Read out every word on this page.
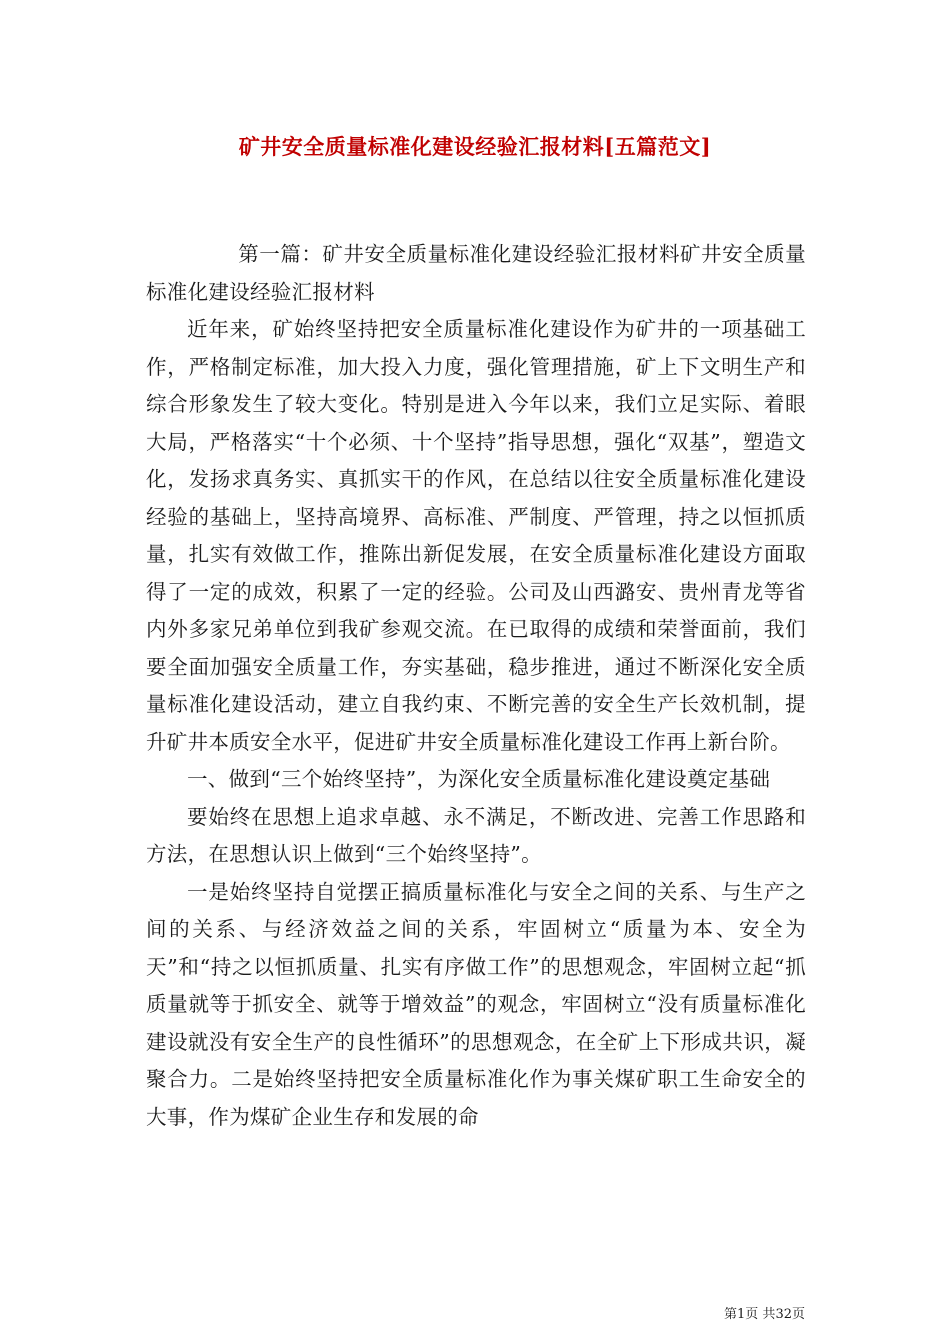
矿井安全质量标准化建设经验汇报材料[五篇范文]

第一篇：矿井安全质量标准化建设经验汇报材料矿井安全质量标准化建设经验汇报材料

近年来，矿始终坚持把安全质量标准化建设作为矿井的一项基础工作，严格制定标准，加大投入力度，强化管理措施，矿上下文明生产和综合形象发生了较大变化。特别是进入今年以来，我们立足实际、着眼大局，严格落实“十个必须、十个坚持”指导思想，强化“双基”，塑造文化，发扬求真务实、真抓实干的作风，在总结以往安全质量标准化建设经验的基础上，坚持高境界、高标准、严制度、严管理，持之以恒抓质量，扎实有效做工作，推陈出新促发展，在安全质量标准化建设方面取得了一定的成效，积累了一定的经验。公司及山西潞安、贵州青龙等省内外多家兄弟单位到我矿参观交流。在已取得的成绩和荣誉面前，我们要全面加强安全质量工作，夯实基础，稳步推进，通过不断深化安全质量标准化建设活动，建立自我约束、不断完善的安全生产长效机制，提升矿井本质安全水平，促进矿井安全质量标准化建设工作再上新台阶。

一、做到“三个始终坚持”，为深化安全质量标准化建设奠定基础

要始终在思想上追求卓越、永不满足，不断改进、完善工作思路和方法，在思想认识上做到“三个始终坚持”。

一是始终坚持自觉摆正搞质量标准化与安全之间的关系、与生产之间的关系、与经济效益之间的关系，牢固树立“质量为本、安全为天”和“持之以恒抓质量、扎实有序做工作”的思想观念，牢固树立起“抓质量就等于抓安全、就等于增效益”的观念，牢固树立“没有质量标准化建设就没有安全生产的良性循环”的思想观念，在全矿上下形成共识，凝聚合力。二是始终坚持把安全质量标准化作为事关煤矿职工生命安全的大事，作为煤矿企业生存和发展的命

第1页 共32页
